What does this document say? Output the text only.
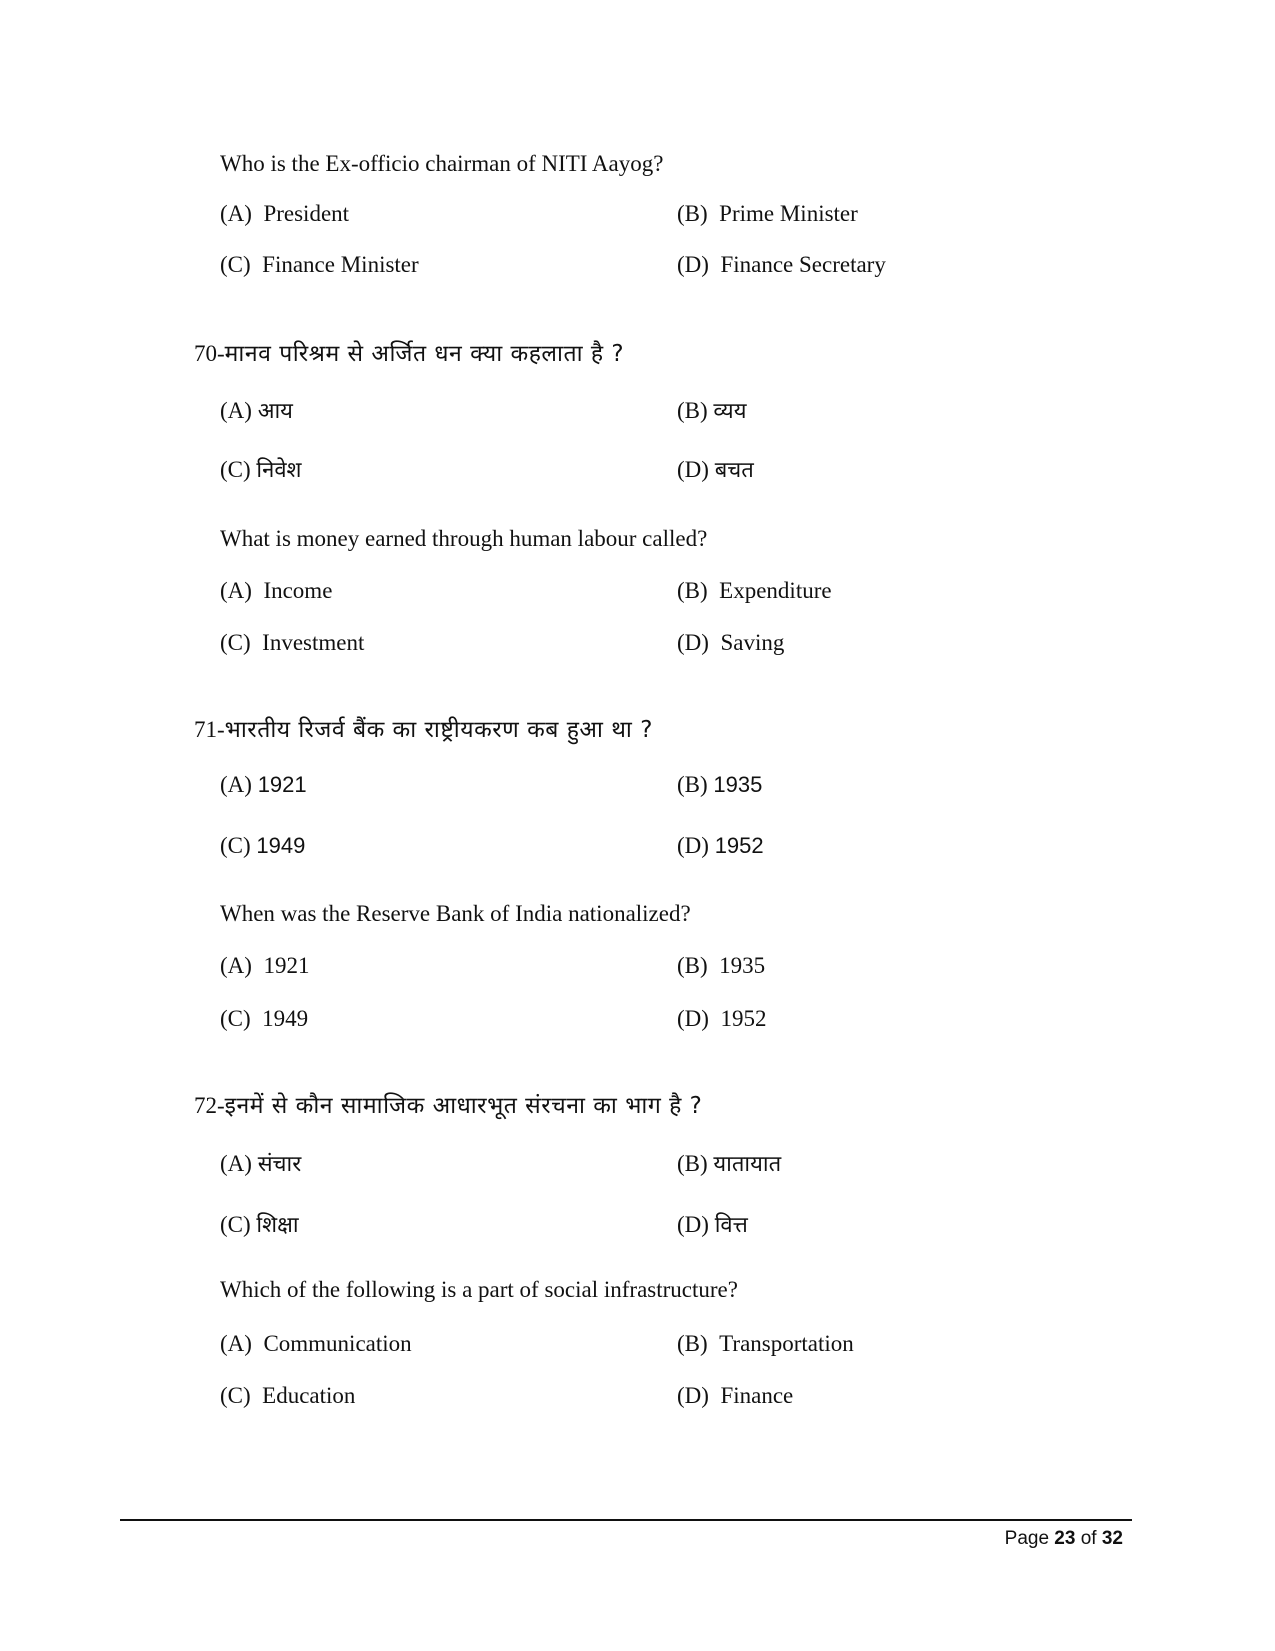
Who is the Ex-officio chairman of NITI Aayog?
(A) President	(B) Prime Minister
(C) Finance Minister	(D) Finance Secretary
70-मानव परिश्रम से अर्जित धन क्या कहलाता है ?
(A) आय	(B) व्यय
(C) निवेश	(D) बचत
What is money earned through human labour called?
(A) Income	(B) Expenditure
(C) Investment	(D) Saving
71-भारतीय रिजर्व बैंक का राष्ट्रीयकरण कब हुआ था ?
(A) 1921	(B) 1935
(C) 1949	(D) 1952
When was the Reserve Bank of India nationalized?
(A) 1921	(B) 1935
(C) 1949	(D) 1952
72-इनमें से कौन सामाजिक आधारभूत संरचना का भाग है ?
(A) संचार	(B) यातायात
(C) शिक्षा	(D) वित्त
Which of the following is a part of social infrastructure?
(A) Communication	(B) Transportation
(C) Education	(D) Finance
Page 23 of 32
